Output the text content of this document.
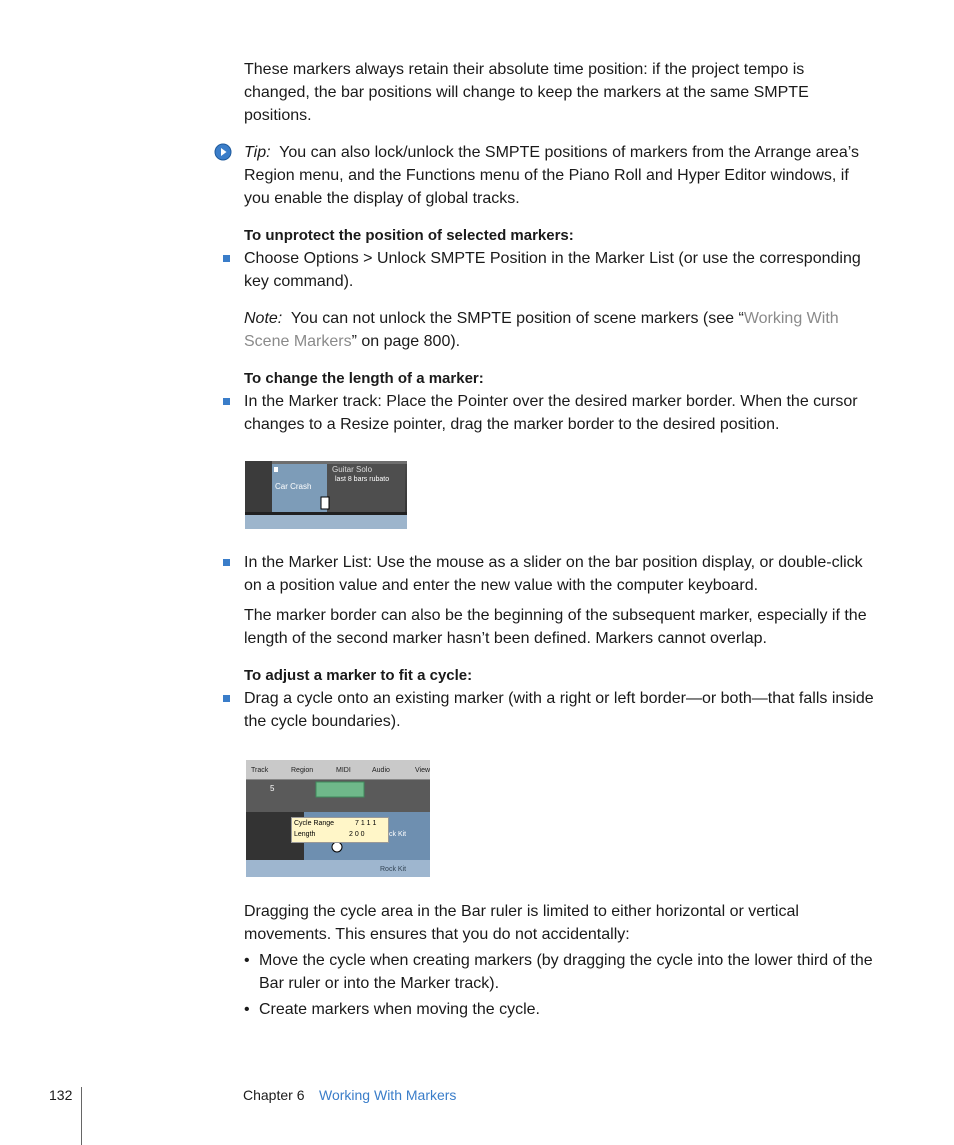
These markers always retain their absolute time position: if the project tempo is changed, the bar positions will change to keep the markers at the same SMPTE positions.

Tip: You can also lock/unlock the SMPTE positions of markers from the Arrange area’s Region menu, and the Functions menu of the Piano Roll and Hyper Editor windows, if you enable the display of global tracks.

To unprotect the position of selected markers:

Choose Options > Unlock SMPTE Position in the Marker List (or use the corresponding key command).

Note: You can not unlock the SMPTE position of scene markers (see “Working With Scene Markers” on page 800).

To change the length of a marker:

In the Marker track: Place the Pointer over the desired marker border. When the cursor changes to a Resize pointer, drag the marker border to the desired position.

Car Crash
Guitar Solo
last 8 bars rubato

In the Marker List: Use the mouse as a slider on the bar position display, or double-click on a position value and enter the new value with the computer keyboard.

The marker border can also be the beginning of the subsequent marker, especially if the length of the second marker hasn’t been defined. Markers cannot overlap.

To adjust a marker to fit a cycle:

Drag a cycle onto an existing marker (with a right or left border—or both—that falls inside the cycle boundaries).

Track	Region	MIDI	Audio	View
5
Cycle Range	7 1 1 1
Length	2 0 0	ck Kit
Rock Kit

Dragging the cycle area in the Bar ruler is limited to either horizontal or vertical movements. This ensures that you do not accidentally:

• Move the cycle when creating markers (by dragging the cycle into the lower third of the Bar ruler or into the Marker track).

• Create markers when moving the cycle.

132	Chapter 6 Working With Markers
